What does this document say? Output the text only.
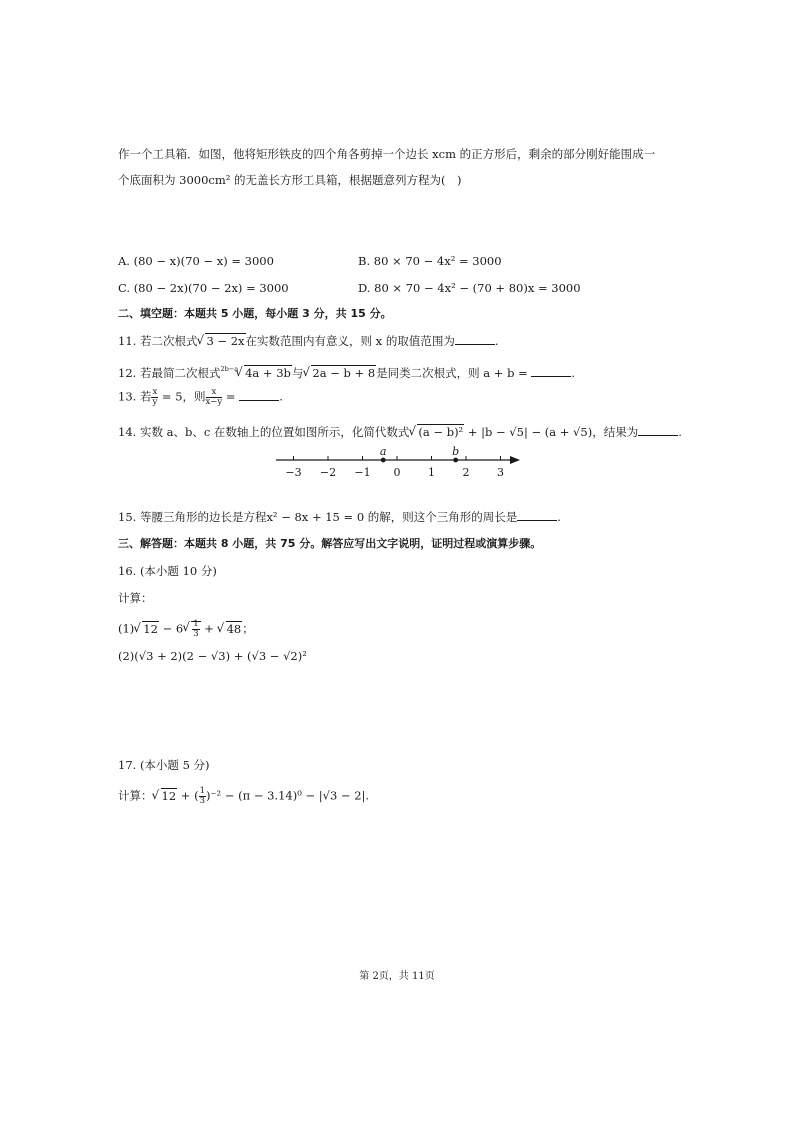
作一个工具箱．如图，他将矩形铁皮的四个角各剪掉一个边长 xcm 的正方形后，剩余的部分刚好能围成一
个底面积为 3000cm² 的无盖长方形工具箱，根据题意列方程为(　)
A. (80 − x)(70 − x) = 3000	B. 80 × 70 − 4x² = 3000
C. (80 − 2x)(70 − 2x) = 3000	D. 80 × 70 − 4x² − (70 + 80)x = 3000
二、填空题：本题共 5 小题，每小题 3 分，共 15 分。
11. 若二次根式 √ 3 − 2x在实数范围内有意义，则 x 的取值范围为	.
12. 若最简二次根式$^{2b-a}$ √ 4a + 3b与 √ 2a − b + 8是同类二次根式，则 a + b =	.
13. 若 $\frac{x}{y} = 5$，则 $\frac{x}{x-y}$ =	.
14. 实数 a、b、c 在数轴上的位置如图所示，化简代数式 √ (a − b)² + |b − √5| − (a + √5)，结果为	.
−3 −2 −1 0	1	2	3
a	b
15. 等腰三角形的边长是方程x² − 8x + 15 = 0 的解，则这个三角形的周长是	.
三、解答题：本题共 8 小题，共 75 分。解答应写出文字说明，证明过程或演算步骤。
16. (本小题 10 分)
计算：
(1) √ 12 − 6 √ $\frac{1}{3}$ + √ 48；
(2)(√3 + 2)(2 − √3) + (√3 − √2)²
17. (本小题 5 分)
计算： √ 12 + ( $\frac{1}{3} )^{-2} - (\pi - 3.14)^0 - |√3 - 2|$.
第 2页，共 11页
